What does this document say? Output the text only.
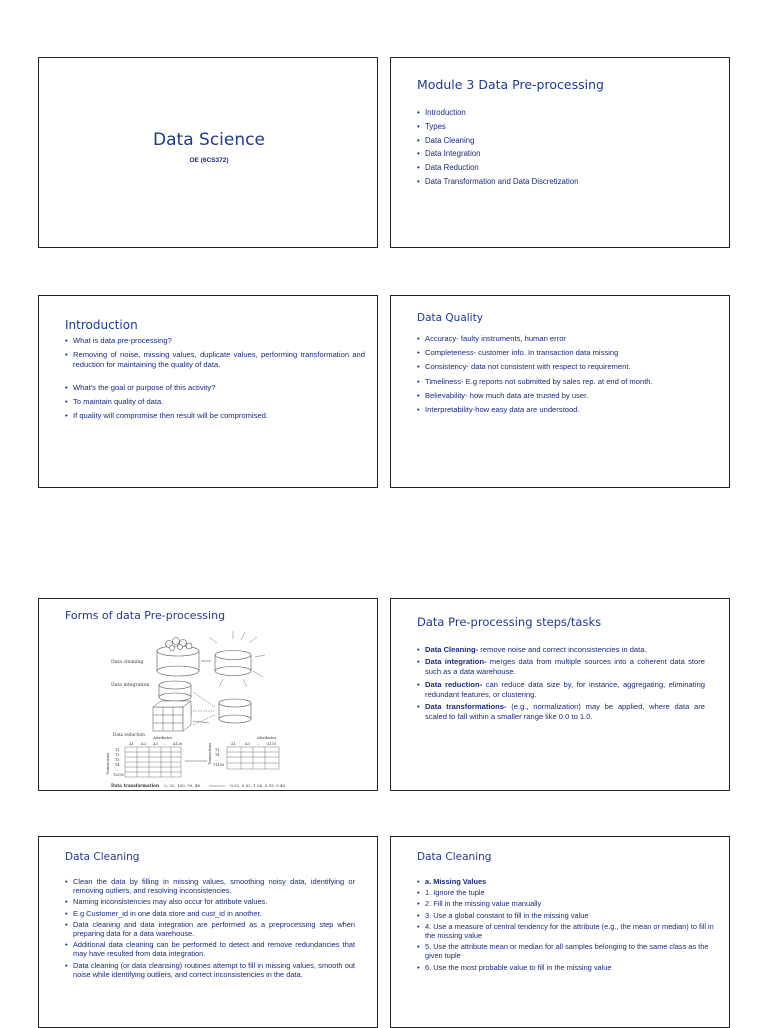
Data Science
OE (6CS372)
Module 3 Data Pre-processing
• Introduction
• Types
• Data Cleaning
• Data Integration
• Data Reduction
• Data Transformation and Data Discretization
Introduction
• What is data pre-processing?
• Removing of noise, missing values, duplicate values, performing transformation and reduction for maintaining the quality of data.
• What's the goal or purpose of this activity?
• To maintain quality of data.
• If quality will compromise then result will be compromised.
Data Quality
• Accuracy- faulty instruments, human error
• Completeness- customer info. In transaction data missing
• Consistency- data not consistent with respect to requirement.
• Timeliness- E.g reports not submitted by sales rep. at end of month.
• Believability- how much data are trusted by user.
• Interpretability-how easy data are understood.
Forms of data Pre-processing
Data cleaning
Data integration
Data reduction
Attributes	Attributes
A1 A2 A3 ... A126
T1
T2
T3
T4
...
T2000
Transactions	Transactions	A1	A3 ... A115
T1
T4
...
T1456
Data transformation -2, 32, 100, 59, 48	-0.02, 0.32, 1.00, 0.59, 0.48
Data Pre-processing steps/tasks
• Data Cleaning- remove noise and correct inconsistencies in data.
• Data integration- merges data from multiple sources into a coherent data store such as a data warehouse.
• Data reduction- can reduce data size by, for instance, aggregating, eliminating redundant features, or clustering.
• Data transformations- (e.g., normalization) may be applied, where data are scaled to fall within a smaller range like 0.0 to 1.0.
Data Cleaning
• Clean the data by filling in missing values, smoothing noisy data, identifying or removing outliers, and resolving inconsistencies.
• Naming inconsistencies may also occur for attribute values.
• E.g Customer_id in one data store and cust_id in another.
• Data cleaning and data integration are performed as a preprocessing step when preparing data for a data warehouse.
• Additional data cleaning can be performed to detect and remove redundancies that may have resulted from data integration.
• Data cleaning (or data cleansing) routines attempt to fill in missing values, smooth out noise while identifying outliers, and correct inconsistencies in the data.
Data Cleaning
• a. Missing Values
• 1. Ignore the tuple
• 2. Fill in the missing value manually
• 3. Use a global constant to fill in the missing value
• 4. Use a measure of central tendency for the attribute (e.g., the mean or median) to fill in the missing value
• 5. Use the attribute mean or median for all samples belonging to the same class as the given tuple
• 6. Use the most probable value to fill in the missing value
